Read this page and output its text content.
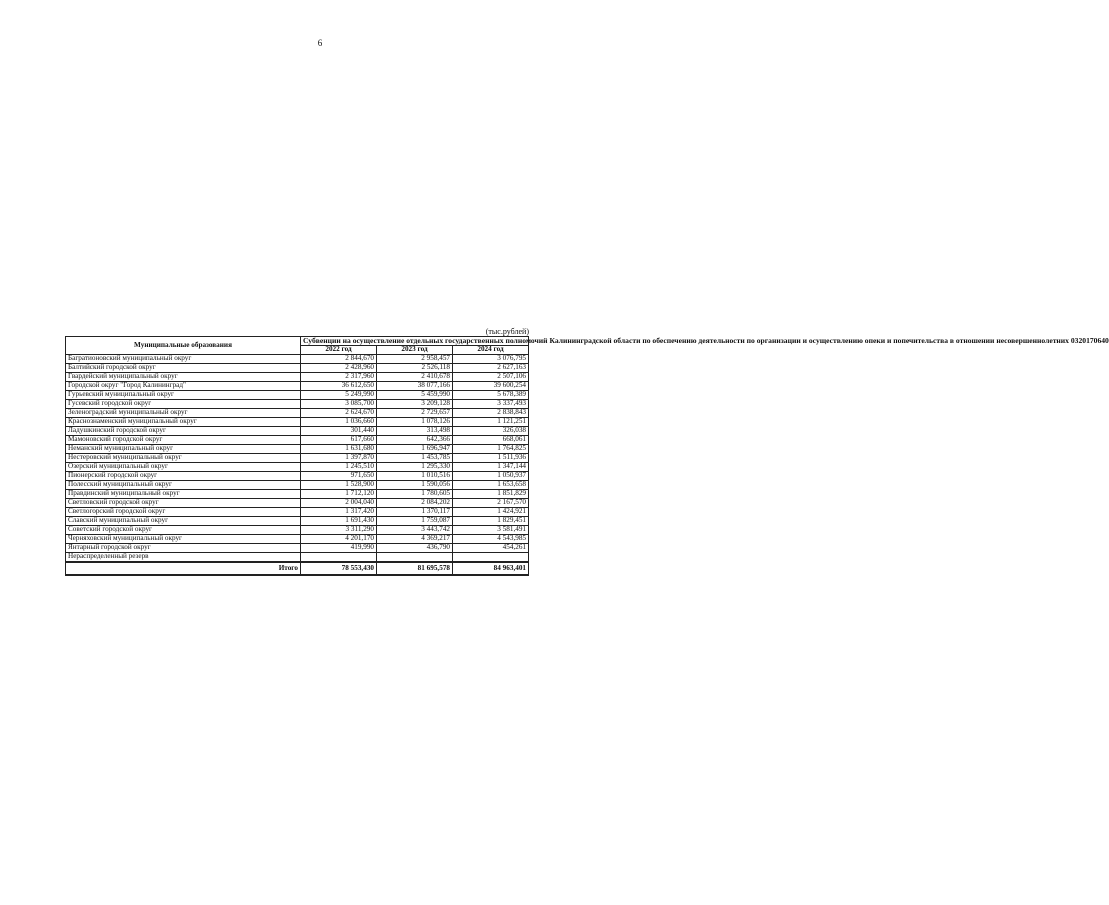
6
(тыс.рублей)
Муниципальные образования	Субвенции на осуществление отдельных государственных полномочий Калининградской области по обеспечению деятельности по организации и осуществлению опеки и попечительства в отношении несовершеннолетних 0320170640		
	2022 год	2023 год	2024 год
Багратионовский муниципальный округ	2 844,670	2 958,457	3 076,795
Балтийский городской округ	2 428,960	2 526,118	2 627,163
Гвардейский муниципальный округ	2 317,960	2 410,678	2 507,106
Городской округ "Город Калининград"	36 612,650	38 077,166	39 600,254
Гурьевский муниципальный округ	5 249,990	5 459,990	5 678,389
Гусевский городской округ	3 085,700	3 209,128	3 337,493
Зеленоградский муниципальный округ	2 624,670	2 729,657	2 838,843
Краснознаменский муниципальный округ	1 036,660	1 078,126	1 121,251
Ладушкинский городской округ	301,440	313,498	326,038
Мамоновский городской округ	617,660	642,366	668,061
Неманский муниципальный округ	1 631,680	1 696,947	1 764,825
Нестеровский муниципальный округ	1 397,870	1 453,785	1 511,936
Озерский муниципальный округ	1 245,510	1 295,330	1 347,144
Пионерский городской округ	971,650	1 010,516	1 050,937
Полесский муниципальный округ	1 528,900	1 590,056	1 653,658
Правдинский муниципальный округ	1 712,120	1 780,605	1 851,829
Светловский городской округ	2 004,040	2 084,202	2 167,570
Светлогорский городской округ	1 317,420	1 370,117	1 424,921
Славский муниципальный округ	1 691,430	1 759,087	1 829,451
Советский городской округ	3 311,290	3 443,742	3 581,491
Черняховский муниципальный округ	4 201,170	4 369,217	4 543,985
Янтарный городской округ	419,990	436,790	454,261
Нераспределенный резерв			
Итого	78 553,430	81 695,578	84 963,401
